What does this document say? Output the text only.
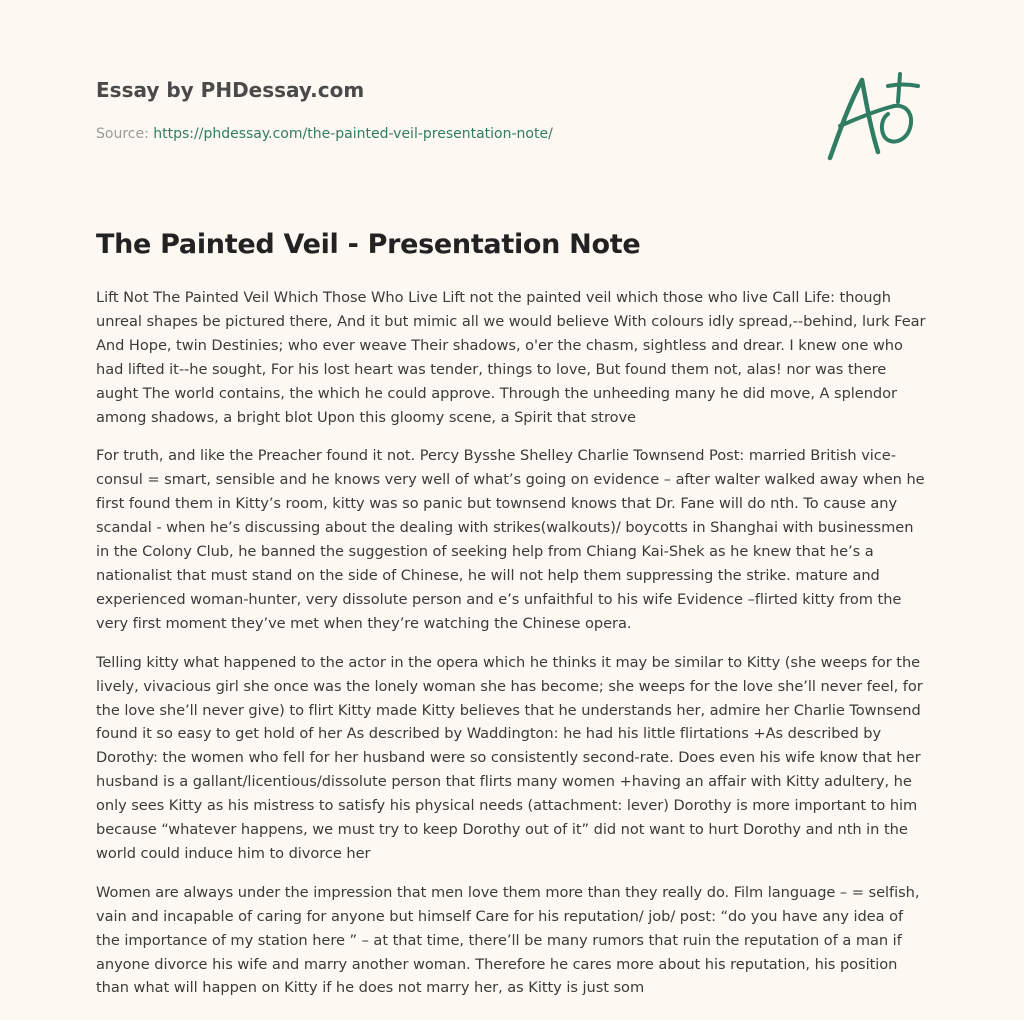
Essay by PHDessay.com
Source: https://phdessay.com/the-painted-veil-presentation-note/
The Painted Veil - Presentation Note

Lift Not The Painted Veil Which Those Who Live Lift not the painted veil which those who live Call Life: though unreal shapes be pictured there, And it but mimic all we would believe With colours idly spread,--behind, lurk Fear And Hope, twin Destinies; who ever weave Their shadows, o'er the chasm, sightless and drear. I knew one who had lifted it--he sought, For his lost heart was tender, things to love, But found them not, alas! nor was there aught The world contains, the which he could approve. Through the unheeding many he did move, A splendor among shadows, a bright blot Upon this gloomy scene, a Spirit that strove

For truth, and like the Preacher found it not. Percy Bysshe Shelley Charlie Townsend Post: married British vice-consul = smart, sensible and he knows very well of what’s going on evidence – after walter walked away when he first found them in Kitty’s room, kitty was so panic but townsend knows that Dr. Fane will do nth. To cause any scandal - when he’s discussing about the dealing with strikes(walkouts)/ boycotts in Shanghai with businessmen in the Colony Club, he banned the suggestion of seeking help from Chiang Kai-Shek as he knew that he’s a nationalist that must stand on the side of Chinese, he will not help them suppressing the strike. mature and experienced woman-hunter, very dissolute person and e’s unfaithful to his wife Evidence –flirted kitty from the very first moment they’ve met when they’re watching the Chinese opera.

Telling kitty what happened to the actor in the opera which he thinks it may be similar to Kitty (she weeps for the lively, vivacious girl she once was the lonely woman she has become; she weeps for the love she’ll never feel, for the love she’ll never give) to flirt Kitty made Kitty believes that he understands her, admire her Charlie Townsend found it so easy to get hold of her As described by Waddington: he had his little flirtations +As described by Dorothy: the women who fell for her husband were so consistently second-rate. Does even his wife know that her husband is a gallant/licentious/dissolute person that flirts many women +having an affair with Kitty adultery, he only sees Kitty as his mistress to satisfy his physical needs (attachment: lever) Dorothy is more important to him because “whatever happens, we must try to keep Dorothy out of it” did not want to hurt Dorothy and nth in the world could induce him to divorce her

Women are always under the impression that men love them more than they really do. Film language – = selfish, vain and incapable of caring for anyone but himself Care for his reputation/ job/ post: “do you have any idea of the importance of my station here ” – at that time, there’ll be many rumors that ruin the reputation of a man if anyone divorce his wife and marry another woman. Therefore he cares more about his reputation, his position than what will happen on Kitty if he does not marry her, as Kitty is just som
